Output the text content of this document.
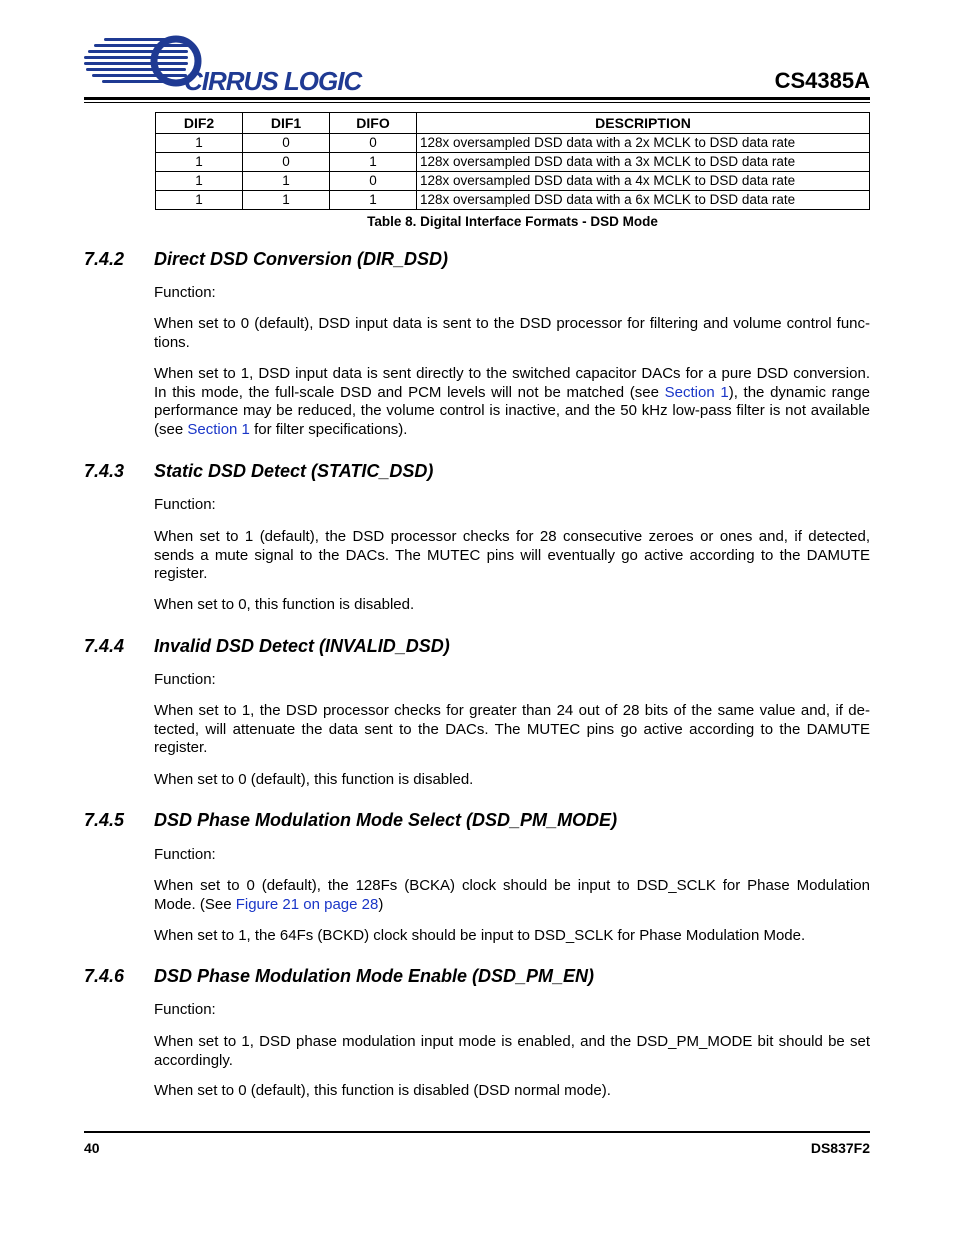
CIRRUS LOGIC	CS4385A
DIF2	DIF1	DIFO	DESCRIPTION
1	0	0	128x oversampled DSD data with a 2x MCLK to DSD data rate
1	0	1	128x oversampled DSD data with a 3x MCLK to DSD data rate
1	1	0	128x oversampled DSD data with a 4x MCLK to DSD data rate
1	1	1	128x oversampled DSD data with a 6x MCLK to DSD data rate
Table 8. Digital Interface Formats - DSD Mode
7.4.2 Direct DSD Conversion (DIR_DSD)
Function:
When set to 0 (default), DSD input data is sent to the DSD processor for filtering and volume control func-tions.
When set to 1, DSD input data is sent directly to the switched capacitor DACs for a pure DSD conversion. In this mode, the full-scale DSD and PCM levels will not be matched (see Section 1), the dynamic range performance may be reduced, the volume control is inactive, and the 50 kHz low-pass filter is not available (see Section 1 for filter specifications).
7.4.3 Static DSD Detect (STATIC_DSD)
Function:
When set to 1 (default), the DSD processor checks for 28 consecutive zeroes or ones and, if detected, sends a mute signal to the DACs. The MUTEC pins will eventually go active according to the DAMUTE register.
When set to 0, this function is disabled.
7.4.4 Invalid DSD Detect (INVALID_DSD)
Function:
When set to 1, the DSD processor checks for greater than 24 out of 28 bits of the same value and, if de-tected, will attenuate the data sent to the DACs. The MUTEC pins go active according to the DAMUTE register.
When set to 0 (default), this function is disabled.
7.4.5 DSD Phase Modulation Mode Select (DSD_PM_MODE)
Function:
When set to 0 (default), the 128Fs (BCKA) clock should be input to DSD_SCLK for Phase Modulation Mode. (See Figure 21 on page 28)
When set to 1, the 64Fs (BCKD) clock should be input to DSD_SCLK for Phase Modulation Mode.
7.4.6 DSD Phase Modulation Mode Enable (DSD_PM_EN)
Function:
When set to 1, DSD phase modulation input mode is enabled, and the DSD_PM_MODE bit should be set accordingly.
When set to 0 (default), this function is disabled (DSD normal mode).
40	DS837F2
